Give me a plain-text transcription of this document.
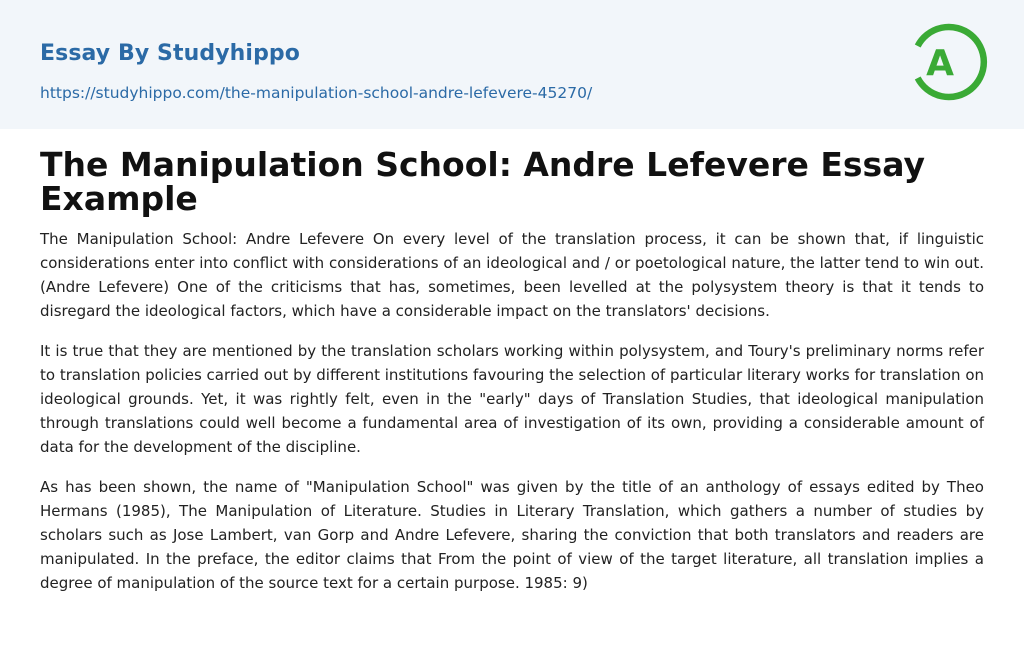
Essay By Studyhippo
https://studyhippo.com/the-manipulation-school-andre-lefevere-45270/
A
The Manipulation School: Andre Lefevere Essay Example

The Manipulation School: Andre Lefevere On every level of the translation process, it can be shown that, if linguistic considerations enter into conflict with considerations of an ideological and / or poetological nature, the latter tend to win out. (Andre Lefevere) One of the criticisms that has, sometimes, been levelled at the polysystem theory is that it tends to disregard the ideological factors, which have a considerable impact on the translators' decisions.

It is true that they are mentioned by the translation scholars working within polysystem, and Toury's preliminary norms refer to translation policies carried out by different institutions favouring the selection of particular literary works for translation on ideological grounds. Yet, it was rightly felt, even in the "early" days of Translation Studies, that ideological manipulation through translations could well become a fundamental area of investigation of its own, providing a considerable amount of data for the development of the discipline.

As has been shown, the name of "Manipulation School" was given by the title of an anthology of essays edited by Theo Hermans (1985), The Manipulation of Literature. Studies in Literary Translation, which gathers a number of studies by scholars such as Jose Lambert, van Gorp and Andre Lefevere, sharing the conviction that both translators and readers are manipulated. In the preface, the editor claims that From the point of view of the target literature, all translation implies a degree of manipulation of the source text for a certain purpose. 1985: 9)
